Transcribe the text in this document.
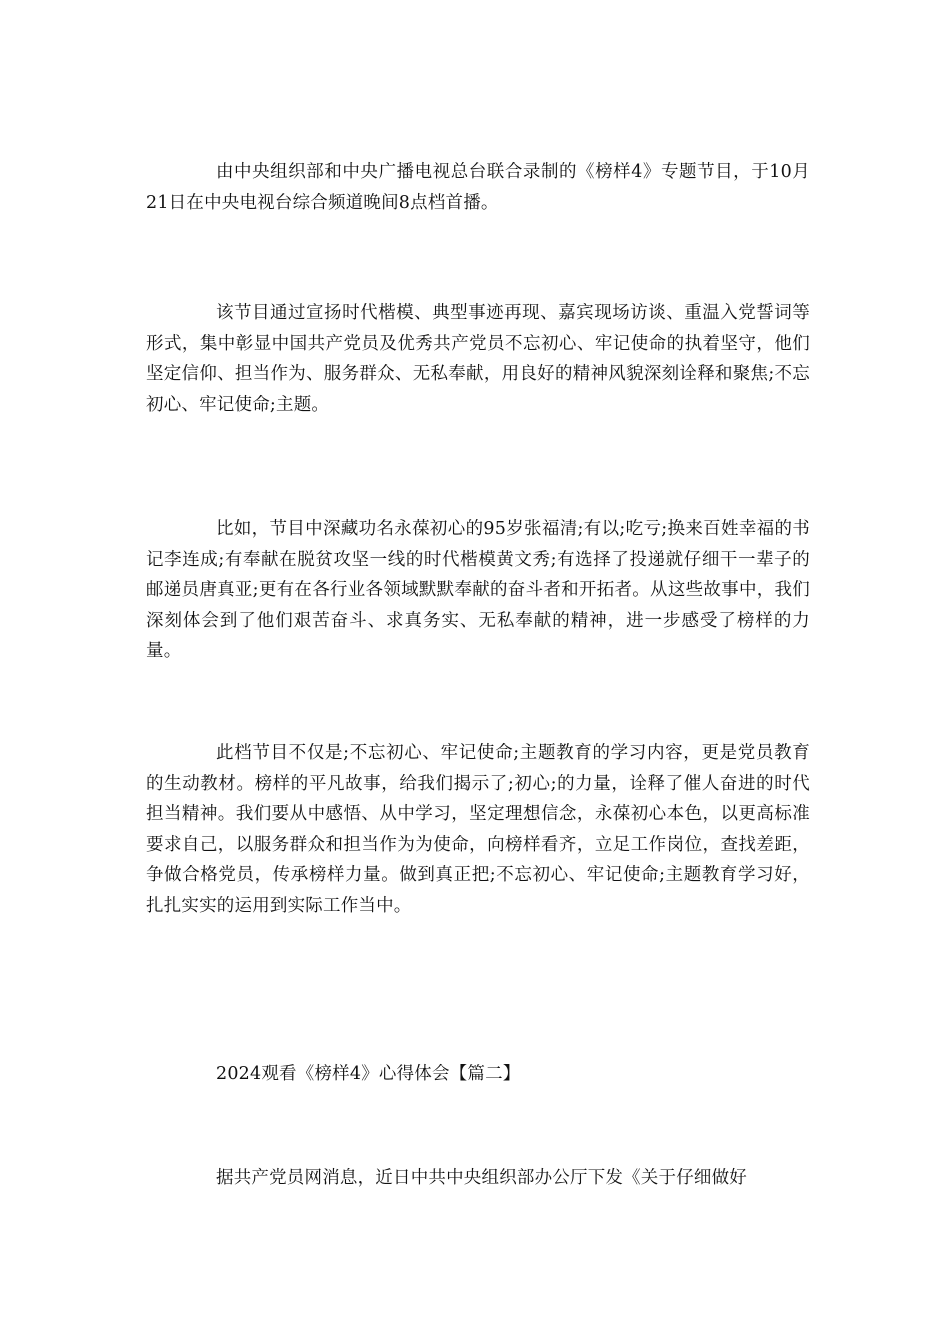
由中央组织部和中央广播电视总台联合录制的《榜样4》专题节目，于10月21日在中央电视台综合频道晚间8点档首播。

该节目通过宣扬时代楷模、典型事迹再现、嘉宾现场访谈、重温入党誓词等形式，集中彰显中国共产党员及优秀共产党员不忘初心、牢记使命的执着坚守，他们坚定信仰、担当作为、服务群众、无私奉献，用良好的精神风貌深刻诠释和聚焦;不忘初心、牢记使命;主题。

比如，节目中深藏功名永葆初心的95岁张福清;有以;吃亏;换来百姓幸福的书记李连成;有奉献在脱贫攻坚一线的时代楷模黄文秀;有选择了投递就仔细干一辈子的邮递员唐真亚;更有在各行业各领域默默奉献的奋斗者和开拓者。从这些故事中，我们深刻体会到了他们艰苦奋斗、求真务实、无私奉献的精神，进一步感受了榜样的力量。

此档节目不仅是;不忘初心、牢记使命;主题教育的学习内容，更是党员教育的生动教材。榜样的平凡故事，给我们揭示了;初心;的力量，诠释了催人奋进的时代担当精神。我们要从中感悟、从中学习，坚定理想信念，永葆初心本色，以更高标准要求自己，以服务群众和担当作为为使命，向榜样看齐，立足工作岗位，查找差距，争做合格党员，传承榜样力量。做到真正把;不忘初心、牢记使命;主题教育学习好，扎扎实实的运用到实际工作当中。

2024观看《榜样4》心得体会【篇二】

据共产党员网消息，近日中共中央组织部办公厅下发《关于仔细做好
